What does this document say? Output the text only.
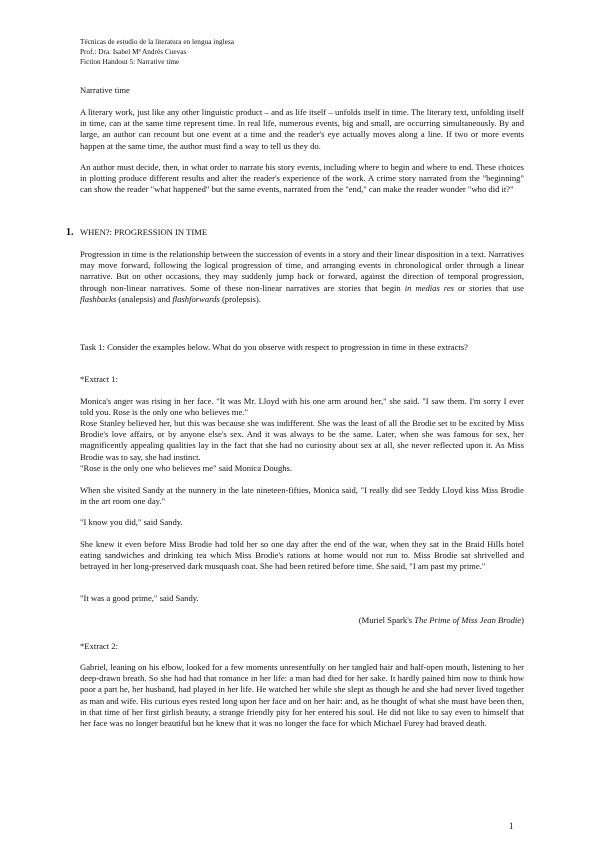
Técnicas de estudio de la literatura en lengua inglesa
Prof.: Dra. Isabel Mª Andrés Cuevas
Fiction Handout 5: Narrative time
Narrative time

A literary work, just like any other linguistic product – and as life itself – unfolds itself in time. The literary text, unfolding itself in time, can at the same time represent time. In real life, numerous events, big and small, are occurring simultaneously. By and large, an author can recount but one event at a time and the reader's eye actually moves along a line. If two or more events happen at the same time, the author must find a way to tell us they do.

An author must decide, then, in what order to narrate his story events, including where to begin and where to end. These choices in plotting produce different results and alter the reader's experience of the work. A crime story narrated from the "beginning" can show the reader "what happened" but the same events, narrated from the "end," can make the reader wonder "who did it?"

1. WHEN?: PROGRESSION IN TIME

Progression in time is the relationship between the succession of events in a story and their linear disposition in a text. Narratives may move forward, following the logical progression of time, and arranging events in chronological order through a linear narrative. But on other occasions, they may suddenly jump back or forward, against the direction of temporal progression, through non-linear narratives. Some of these non-linear narratives are stories that begin in medias res or stories that use flashbacks (analepsis) and flashforwards (prolepsis).

Task 1: Consider the examples below. What do you observe with respect to progression in time in these extracts?

*Extract 1:

Monica's anger was rising in her face. "It was Mr. Lloyd with his one arm around her," she said. "I saw them. I'm sorry I ever told you. Rose is the only one who believes me."

Rose Stanley believed her, but this was because she was indifferent. She was the least of all the Brodie set to be excited by Miss Brodie's love affairs, or by anyone else's sex. And it was always to be the same. Later, when she was famous for sex, her magnificently appealing qualities lay in the fact that she had no curiosity about sex at all, she never reflected upon it. As Miss Brodie was to say, she had instinct.

"Rose is the only one who believes me" said Monica Doughs.

When she visited Sandy at the nunnery in the late nineteen-fifties, Monica said, "I really did see Teddy Lloyd kiss Miss Brodie in the art room one day."

"I know you did," said Sandy.

She knew it even before Miss Brodie had told her so one day after the end of the war, when they sat in the Braid Hills hotel eating sandwiches and drinking tea which Miss Brodie's rations at home would not run to. Miss Brodie sat shrivelled and betrayed in her long-preserved dark musquash coat. She had been retired before time. She said, "I am past my prime."

"It was a good prime," said Sandy.

(Muriel Spark's The Prime of Miss Jean Brodie)

*Extract 2:

Gabriel, leaning on his elbow, looked for a few moments unresentfully on her tangled hair and half-open mouth, listening to her deep-drawn breath. So she had had that romance in her life: a man had died for her sake. It hardly pained him now to think how poor a part he, her husband, had played in her life. He watched her while she slept as though he and she had never lived together as man and wife. His curious eyes rested long upon her face and on her hair: and, as he thought of what she must have been then, in that time of her first girlish beauty, a strange friendly pity for her entered his soul. He did not like to say even to himself that her face was no longer beautiful but he knew that it was no longer the face for which Michael Furey had braved death.

1
